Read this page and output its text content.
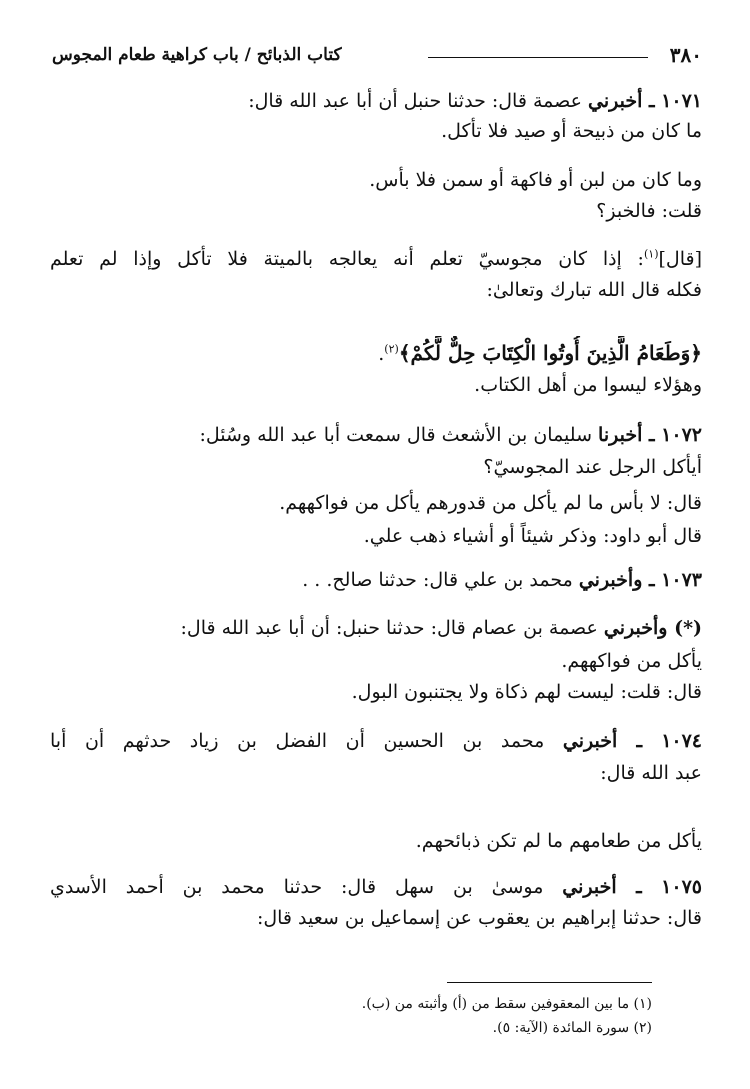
٣٨٠
كتاب الذبائح / باب كراهية طعام المجوس
١٠٧١ ـ أخبرني عصمة قال: حدثنا حنبل أن أبا عبد الله قال:
ما كان من ذبيحة أو صيد فلا تأكل.
وما كان من لبن أو فاكهة أو سمن فلا بأس.
قلت: فالخبز؟
[قال]$^{(١)}$: إذا كان مجوسيّ تعلم أنه يعالجه بالميتة فلا تأكل وإذا لم تعلم
فكله قال الله تبارك وتعالىٰ:
﴿وَطَعَامُ الَّذِينَ أُوتُوا الْكِتَابَ حِلٌّ لَّكُمْ﴾$^{(٢)}$.
وهؤلاء ليسوا من أهل الكتاب.
١٠٧٢ ـ أخبرنا سليمان بن الأشعث قال سمعت أبا عبد الله وسُئل:
أيأكل الرجل عند المجوسيّ؟
قال: لا بأس ما لم يأكل من قدورهم يأكل من فواكههم.
قال أبو داود: وذكر شيئاً أو أشياء ذهب علي.
١٠٧٣ ـ وأخبرني محمد بن علي قال: حدثنا صالح. . .
(*) وأخبرني عصمة بن عصام قال: حدثنا حنبل: أن أبا عبد الله قال:
يأكل من فواكههم.
قال: قلت: ليست لهم ذكاة ولا يجتنبون البول.
١٠٧٤ ـ أخبرني محمد بن الحسين أن الفضل بن زياد حدثهم أن أبا
عبد الله قال:
يأكل من طعامهم ما لم تكن ذبائحهم.
١٠٧٥ ـ أخبرني موسىٰ بن سهل قال: حدثنا محمد بن أحمد الأسدي
قال: حدثنا إبراهيم بن يعقوب عن إسماعيل بن سعيد قال:
(١) ما بين المعقوفين سقط من (أ) وأثبته من (ب).
(٢) سورة المائدة (الآية: ٥).
